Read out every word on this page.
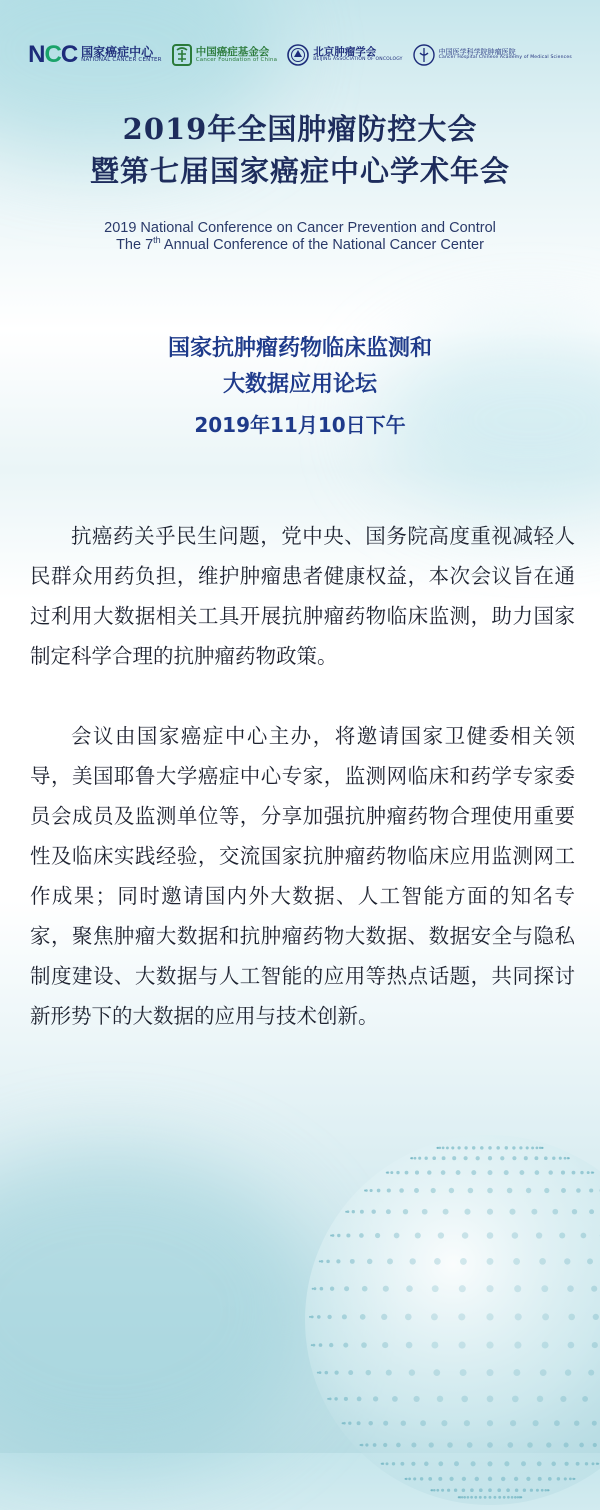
NCC 国家癌症中心
NATIONAL CANCER CENTER
中国癌症基金会
Cancer Foundation of China
北京肿瘤学会
BEIJING ASSOCIATION OF ONCOLOGY
中国医学科学院肿瘤医院
Cancer Hospital Chinese Academy of Medical Sciences
2019年全国肿瘤防控大会
暨第七届国家癌症中心学术年会
2019 National Conference on Cancer Prevention and Control
The 7th Annual Conference of the National Cancer Center
国家抗肿瘤药物临床监测和
大数据应用论坛
2019年11月10日下午

抗癌药关乎民生问题，党中央、国务院高度重视减轻人民群众用药负担，维护肿瘤患者健康权益，本次会议旨在通过利用大数据相关工具开展抗肿瘤药物临床监测，助力国家制定科学合理的抗肿瘤药物政策。

会议由国家癌症中心主办，将邀请国家卫健委相关领导，美国耶鲁大学癌症中心专家，监测网临床和药学专家委员会成员及监测单位等，分享加强抗肿瘤药物合理使用重要性及临床实践经验，交流国家抗肿瘤药物临床应用监测网工作成果；同时邀请国内外大数据、人工智能方面的知名专家，聚焦肿瘤大数据和抗肿瘤药物大数据、数据安全与隐私制度建设、大数据与人工智能的应用等热点话题，共同探讨新形势下的大数据的应用与技术创新。
